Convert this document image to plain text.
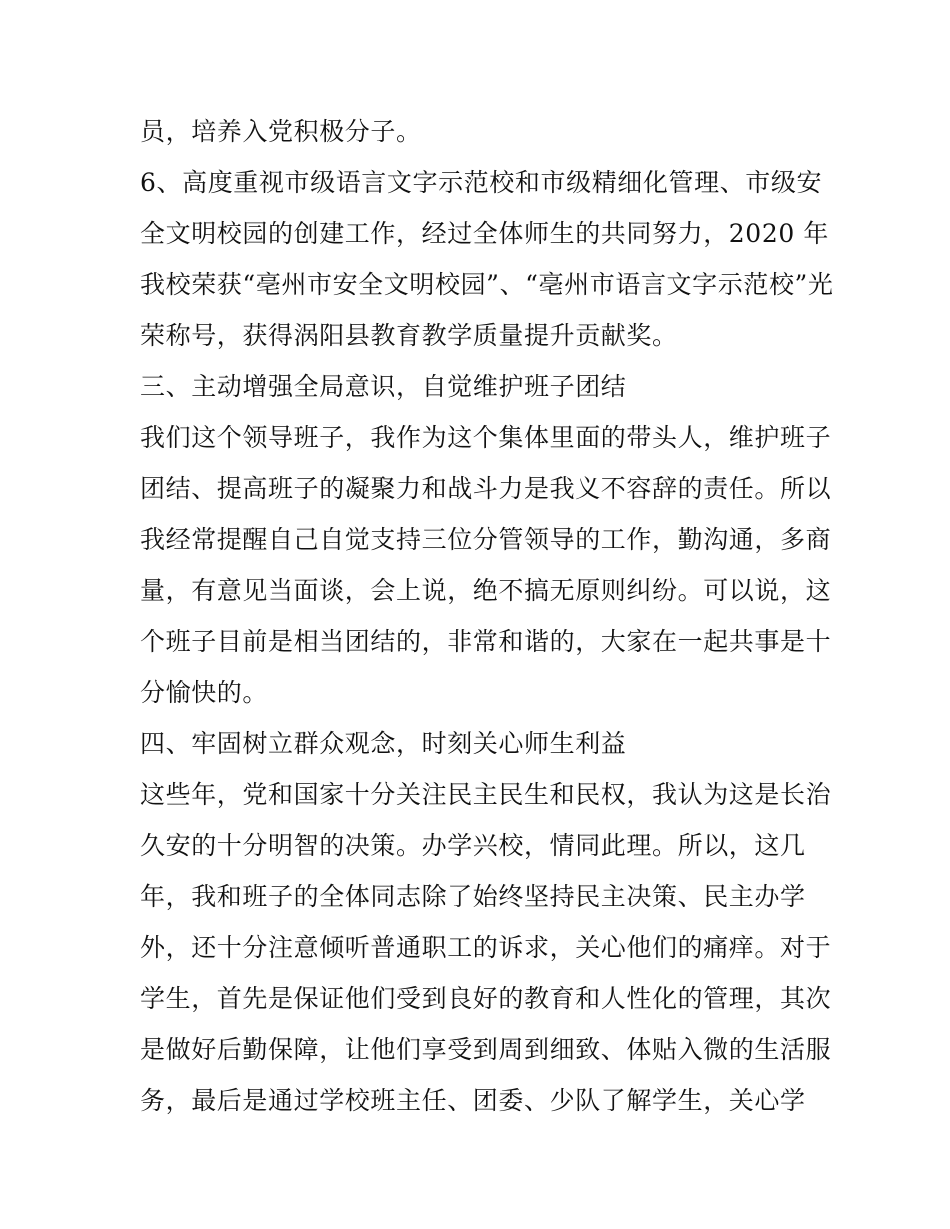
员，培养入党积极分子。
6、高度重视市级语言文字示范校和市级精细化管理、市级安
全文明校园的创建工作，经过全体师生的共同努力，2020 年
我校荣获“亳州市安全文明校园”、“亳州市语言文字示范校”光
荣称号，获得涡阳县教育教学质量提升贡献奖。
三、主动增强全局意识，自觉维护班子团结
我们这个领导班子，我作为这个集体里面的带头人，维护班子
团结、提高班子的凝聚力和战斗力是我义不容辞的责任。所以
我经常提醒自己自觉支持三位分管领导的工作，勤沟通，多商
量，有意见当面谈，会上说，绝不搞无原则纠纷。可以说，这
个班子目前是相当团结的，非常和谐的，大家在一起共事是十
分愉快的。
四、牢固树立群众观念，时刻关心师生利益
这些年，党和国家十分关注民主民生和民权，我认为这是长治
久安的十分明智的决策。办学兴校，情同此理。所以，这几
年，我和班子的全体同志除了始终坚持民主决策、民主办学
外，还十分注意倾听普通职工的诉求，关心他们的痛痒。对于
学生，首先是保证他们受到良好的教育和人性化的管理，其次
是做好后勤保障，让他们享受到周到细致、体贴入微的生活服
务，最后是通过学校班主任、团委、少队了解学生，关心学
